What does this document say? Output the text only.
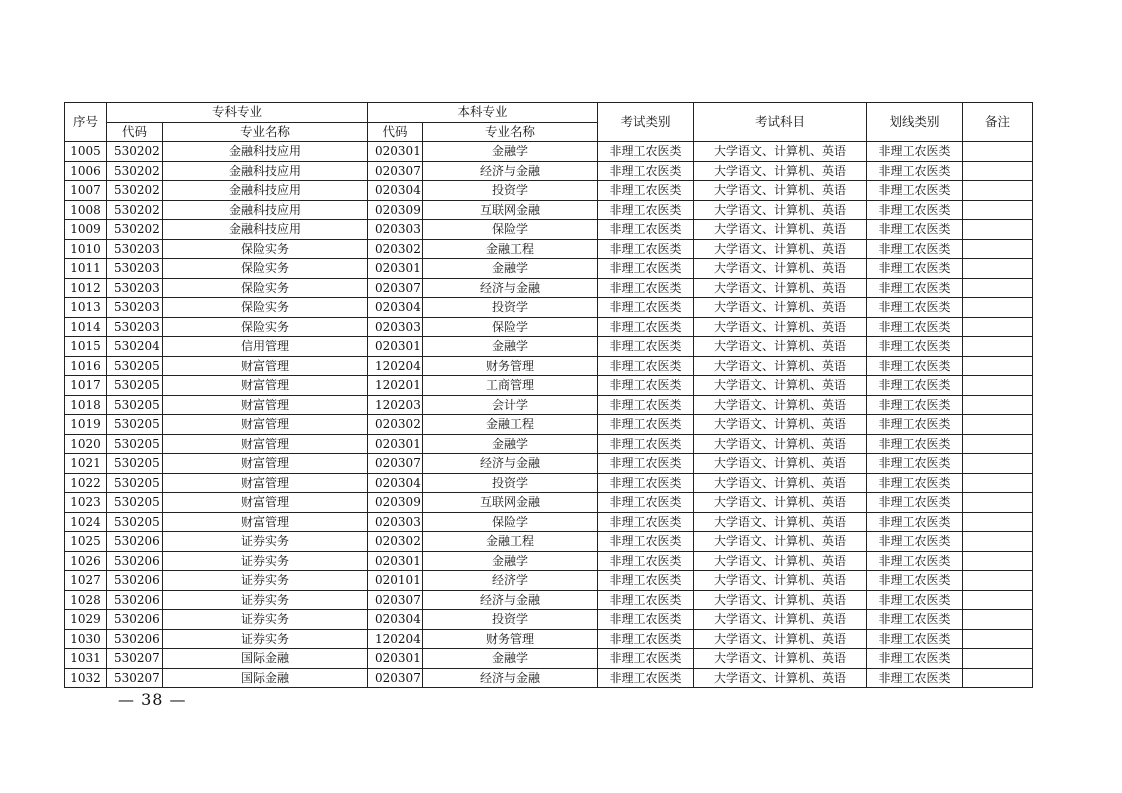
序号	专科专业		本科专业		考试类别	考试科目	划线类别	备注
	代码	专业名称	代码	专业名称				
1005	530202	金融科技应用	020301	金融学	非理工农医类	大学语文、计算机、英语	非理工农医类	
1006	530202	金融科技应用	020307	经济与金融	非理工农医类	大学语文、计算机、英语	非理工农医类	
1007	530202	金融科技应用	020304	投资学	非理工农医类	大学语文、计算机、英语	非理工农医类	
1008	530202	金融科技应用	020309	互联网金融	非理工农医类	大学语文、计算机、英语	非理工农医类	
1009	530202	金融科技应用	020303	保险学	非理工农医类	大学语文、计算机、英语	非理工农医类	
1010	530203	保险实务	020302	金融工程	非理工农医类	大学语文、计算机、英语	非理工农医类	
1011	530203	保险实务	020301	金融学	非理工农医类	大学语文、计算机、英语	非理工农医类	
1012	530203	保险实务	020307	经济与金融	非理工农医类	大学语文、计算机、英语	非理工农医类	
1013	530203	保险实务	020304	投资学	非理工农医类	大学语文、计算机、英语	非理工农医类	
1014	530203	保险实务	020303	保险学	非理工农医类	大学语文、计算机、英语	非理工农医类	
1015	530204	信用管理	020301	金融学	非理工农医类	大学语文、计算机、英语	非理工农医类	
1016	530205	财富管理	120204	财务管理	非理工农医类	大学语文、计算机、英语	非理工农医类	
1017	530205	财富管理	120201	工商管理	非理工农医类	大学语文、计算机、英语	非理工农医类	
1018	530205	财富管理	120203	会计学	非理工农医类	大学语文、计算机、英语	非理工农医类	
1019	530205	财富管理	020302	金融工程	非理工农医类	大学语文、计算机、英语	非理工农医类	
1020	530205	财富管理	020301	金融学	非理工农医类	大学语文、计算机、英语	非理工农医类	
1021	530205	财富管理	020307	经济与金融	非理工农医类	大学语文、计算机、英语	非理工农医类	
1022	530205	财富管理	020304	投资学	非理工农医类	大学语文、计算机、英语	非理工农医类	
1023	530205	财富管理	020309	互联网金融	非理工农医类	大学语文、计算机、英语	非理工农医类	
1024	530205	财富管理	020303	保险学	非理工农医类	大学语文、计算机、英语	非理工农医类	
1025	530206	证券实务	020302	金融工程	非理工农医类	大学语文、计算机、英语	非理工农医类	
1026	530206	证券实务	020301	金融学	非理工农医类	大学语文、计算机、英语	非理工农医类	
1027	530206	证券实务	020101	经济学	非理工农医类	大学语文、计算机、英语	非理工农医类	
1028	530206	证券实务	020307	经济与金融	非理工农医类	大学语文、计算机、英语	非理工农医类	
1029	530206	证券实务	020304	投资学	非理工农医类	大学语文、计算机、英语	非理工农医类	
1030	530206	证券实务	120204	财务管理	非理工农医类	大学语文、计算机、英语	非理工农医类	
1031	530207	国际金融	020301	金融学	非理工农医类	大学语文、计算机、英语	非理工农医类	
1032	530207	国际金融	020307	经济与金融	非理工农医类	大学语文、计算机、英语	非理工农医类	
— 38 —
